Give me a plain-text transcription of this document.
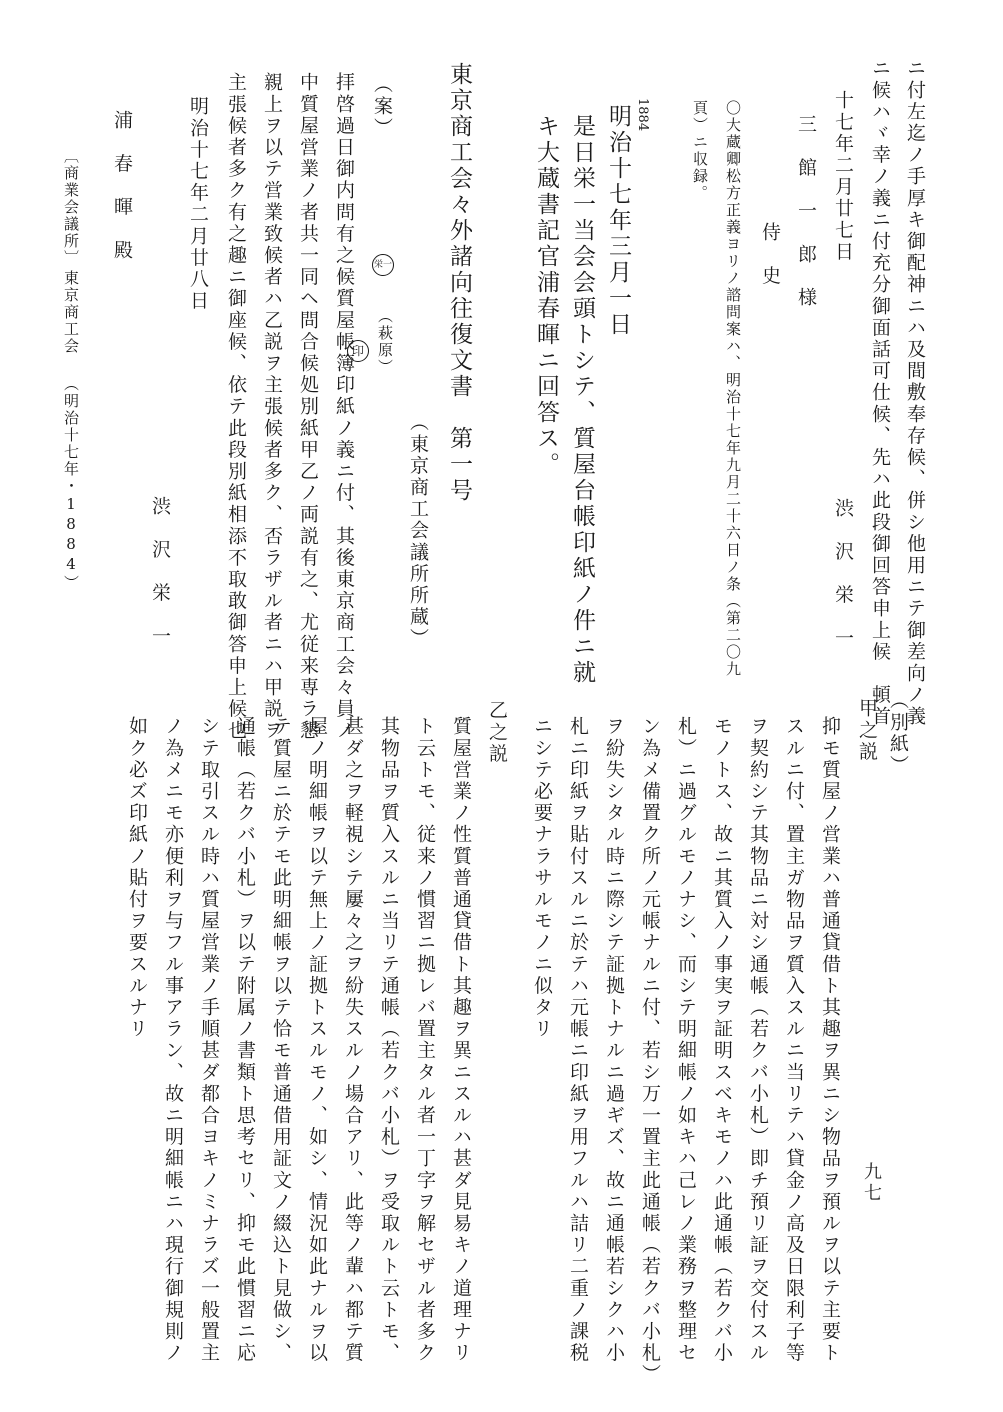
ニ付左迄ノ手厚キ御配神ニハ及間敷奉存候、併シ他用ニテ御差向ノ義
ニ候ハヾ幸ノ義ニ付充分御面話可仕候、先ハ此段御回答申上候　頓首
十七年二月廿七日
渋　沢　栄　一
三　館　一　郎　様
侍　史
〇大蔵卿松方正義ヨリノ諮問案ハ、明治十七年九月二十六日ノ条（第二〇九
頁）ニ収録。
1884
明治十七年三月一日
是日栄一当会会頭トシテ、質屋台帳印紙ノ件ニ就
キ大蔵書記官浦春暉ニ回答ス。
東京商工会々外諸向往復文書　第一号
（東京商工会議所所蔵）
（案）
栄一
（萩原）
印
拝啓過日御内問有之候質屋帳簿印紙ノ義ニ付、其後東京商工会々員ノ
中質屋営業ノ者共一同ヘ問合候処別紙甲乙ノ両説有之、尤従来専ラ懇
親上ヲ以テ営業致候者ハ乙説ヲ主張候者多ク、否ラザル者ニハ甲説ヲ
主張候者多ク有之趣ニ御座候、依テ此段別紙相添不取敢御答申上候也
明治十七年二月廿八日
渋　沢　栄　一
浦　春　暉　殿
〔商業会議所〕
東京商工会
（明治十七年・1884）
（別紙）
甲之説
抑モ質屋ノ営業ハ普通貸借ト其趣ヲ異ニシ物品ヲ預ルヲ以テ主要ト
スルニ付、置主ガ物品ヲ質入スルニ当リテハ貸金ノ高及日限利子等
ヲ契約シテ其物品ニ対シ通帳（若クバ小札）即チ預リ証ヲ交付スル
モノトス、故ニ其質入ノ事実ヲ証明スベキモノハ此通帳（若クバ小
札）ニ過グルモノナシ、而シテ明細帳ノ如キハ己レノ業務ヲ整理セ
ン為メ備置ク所ノ元帳ナルニ付、若シ万一置主此通帳（若クバ小札）
ヲ紛失シタル時ニ際シテ証拠トナルニ過ギズ、故ニ通帳若シクハ小
札ニ印紙ヲ貼付スルニ於テハ元帳ニ印紙ヲ用フルハ詰リ二重ノ課税
ニシテ必要ナラサルモノニ似タリ
乙之説
質屋営業ノ性質普通貸借ト其趣ヲ異ニスルハ甚ダ見易キノ道理ナリ
ト云トモ、従来ノ慣習ニ拠レバ置主タル者一丁字ヲ解セザル者多ク
其物品ヲ質入スルニ当リテ通帳（若クバ小札）ヲ受取ルト云トモ、
甚ダ之ヲ軽視シテ屢々之ヲ紛失スルノ場合アリ、此等ノ輩ハ都テ質
屋ノ明細帳ヲ以テ無上ノ証拠トスルモノ、如シ、情況如此ナルヲ以
テ質屋ニ於テモ此明細帳ヲ以テ恰モ普通借用証文ノ綴込ト見做シ、
通帳（若クバ小札）ヲ以テ附属ノ書類ト思考セリ、抑モ此慣習ニ応
シテ取引スル時ハ質屋営業ノ手順甚ダ都合ヨキノミナラズ一般置主
ノ為メニモ亦便利ヲ与フル事アラン、故ニ明細帳ニハ現行御規則ノ
如ク必ズ印紙ノ貼付ヲ要スルナリ
九七
